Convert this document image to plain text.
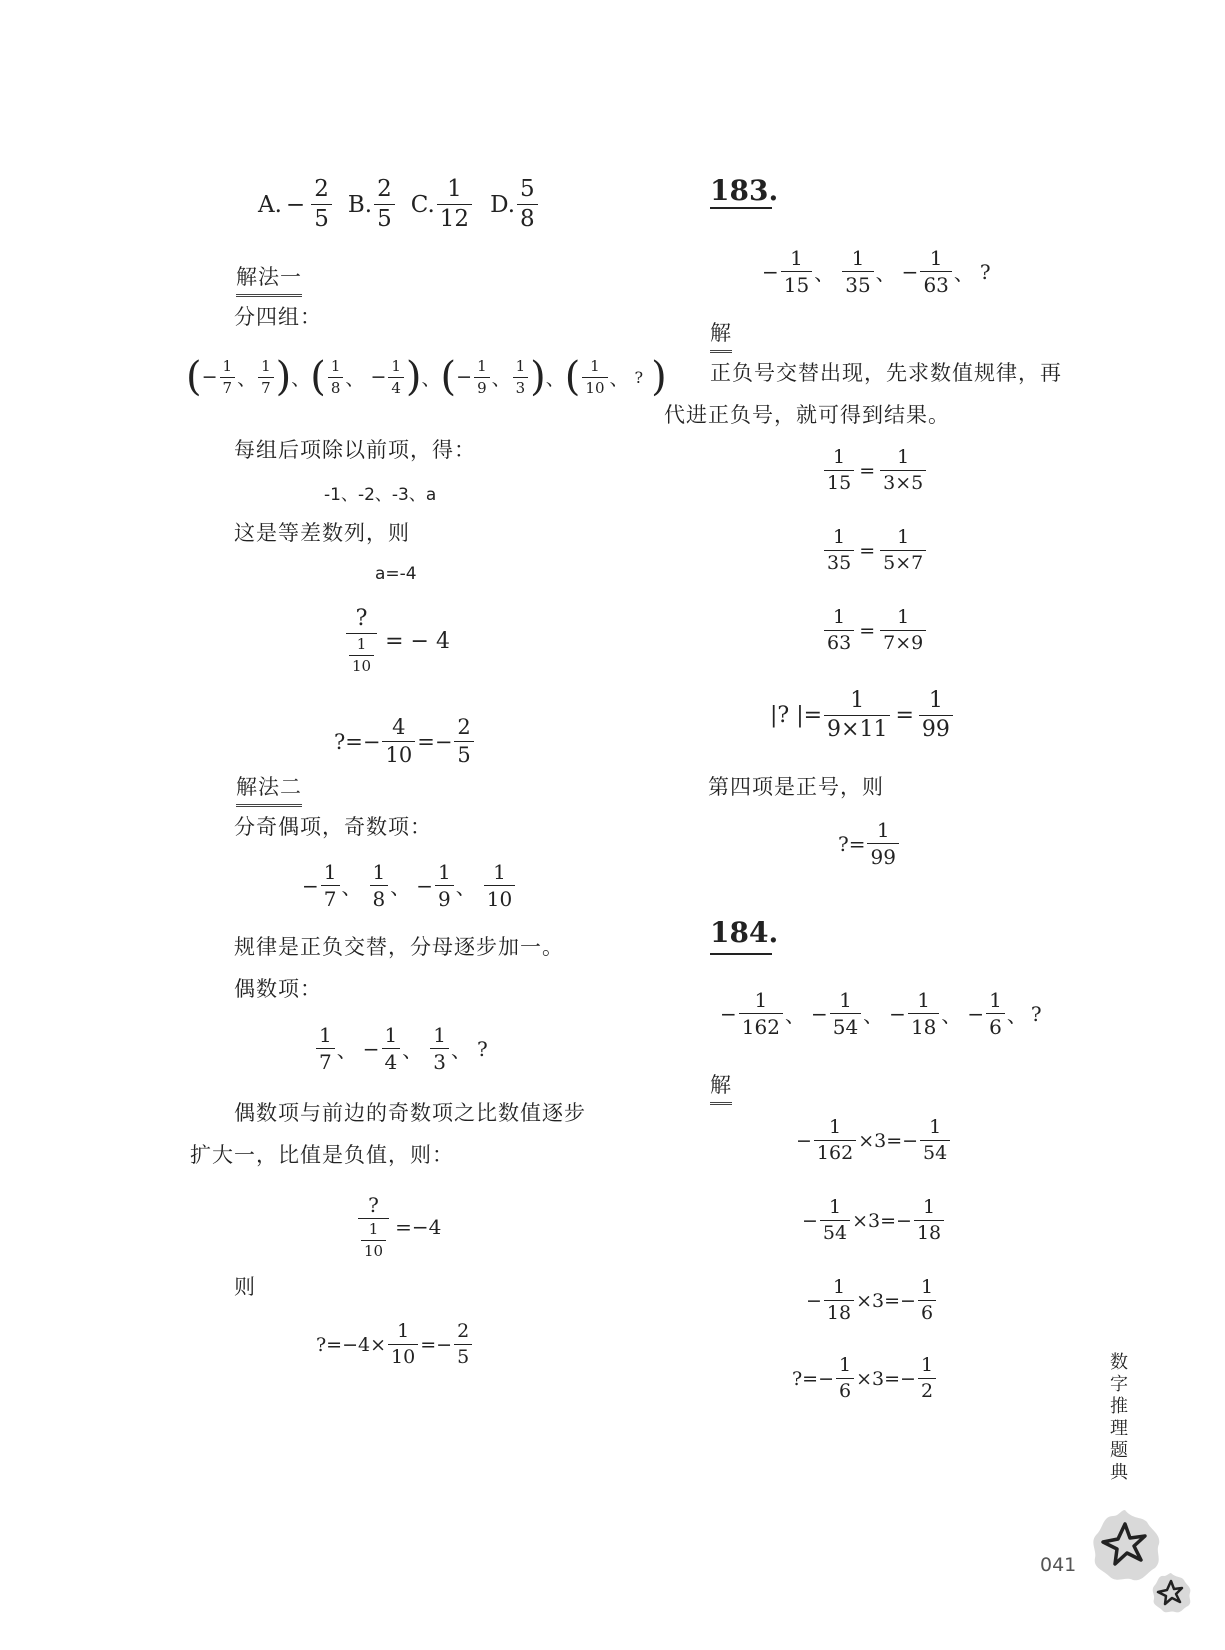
A. − $\frac{2}{5} B$. $\frac{2}{5} C$. $\frac{1}{12} D$. $\frac{5}{8}$
解法一
分四组：
( − $\frac{1}{7}$ 、 $\frac{1}{7}$ ) 、 ( $\frac{1}{8}$ 、 − $\frac{1}{4}$ ) 、 ( − $\frac{1}{9}$ 、 $\frac{1}{3}$ ) 、 ( $\frac{1}{10}$ 、 ? )
每组后项除以前项，得：
-1、-2、-3、a
这是等差数列，则
a=-4
$\frac{?}{\frac{1}{10}}$ = − 4
?= − $\frac{4}{10}$ = − $\frac{2}{5}$
解法二
分奇偶项，奇数项：
− $\frac{1}{7}$ 、 $\frac{1}{8}$ 、 − $\frac{1}{9}$ 、 $\frac{1}{10}$
规律是正负交替，分母逐步加一。
偶数项：
$\frac{1}{7}$ 、 − $\frac{1}{4}$ 、 $\frac{1}{3}$ 、 ?
偶数项与前边的奇数项之比数值逐步
扩大一，比值是负值，则：
$\frac{?}{\frac{1}{10}} =-4$
则
?=−4× $\frac{1}{10} =- \frac{2}{5}$
183.
− $\frac{1}{15}$ 、 $\frac{1}{35}$ 、 − $\frac{1}{63}$ 、 ?
解
正负号交替出现，先求数值规律，再
代进正负号，就可得到结果。
$\frac{1}{15} = \frac{1}{3\times 5}$
$\frac{1}{35} = \frac{1}{5\times 7}$
$\frac{1}{63} = \frac{1}{7\times 9}$
|? |= $\frac{1}{9\times 11} = \frac{1}{99}$
第四项是正号，则
?= $\frac{1}{99}$
184.
− $\frac{1}{162}$ 、 − $\frac{1}{54}$ 、 − $\frac{1}{18}$ 、 − $\frac{1}{6}$ 、 ?
解
− $\frac{1}{162} \times 3=- \frac{1}{54}$
− $\frac{1}{54} \times 3=- \frac{1}{18}$
− $\frac{1}{18} \times 3=- \frac{1}{6}$
?=− $\frac{1}{6} \times 3=- \frac{1}{2}$	数
字
推
理
题
典
041
